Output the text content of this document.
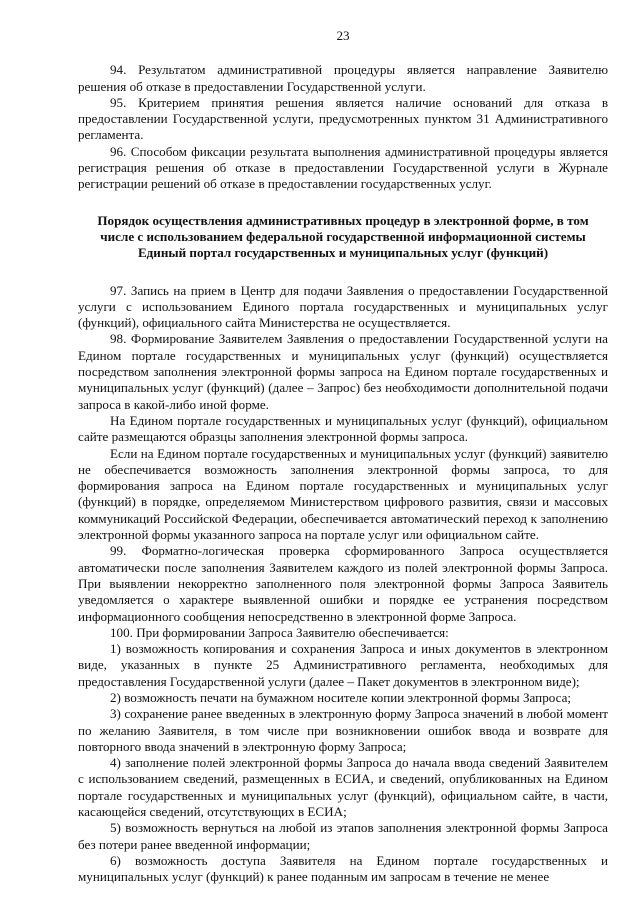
23

94. Результатом административной процедуры является направление Заявителю решения об отказе в предоставлении Государственной услуги.

95. Критерием принятия решения является наличие оснований для отказа в предоставлении Государственной услуги, предусмотренных пунктом 31 Административного регламента.

96. Способом фиксации результата выполнения административной процедуры является регистрация решения об отказе в предоставлении Государственной услуги в Журнале регистрации решений об отказе в предоставлении государственных услуг.

Порядок осуществления административных процедур в электронной форме, в том числе с использованием федеральной государственной информационной системы Единый портал государственных и муниципальных услуг (функций)

97. Запись на прием в Центр для подачи Заявления о предоставлении Государственной услуги с использованием Единого портала государственных и муниципальных услуг (функций), официального сайта Министерства не осуществляется.

98. Формирование Заявителем Заявления о предоставлении Государственной услуги на Едином портале государственных и муниципальных услуг (функций) осуществляется посредством заполнения электронной формы запроса на Едином портале государственных и муниципальных услуг (функций) (далее – Запрос) без необходимости дополнительной подачи запроса в какой-либо иной форме.

На Едином портале государственных и муниципальных услуг (функций), официальном сайте размещаются образцы заполнения электронной формы запроса.

Если на Едином портале государственных и муниципальных услуг (функций) заявителю не обеспечивается возможность заполнения электронной формы запроса, то для формирования запроса на Едином портале государственных и муниципальных услуг (функций) в порядке, определяемом Министерством цифрового развития, связи и массовых коммуникаций Российской Федерации, обеспечивается автоматический переход к заполнению электронной формы указанного запроса на портале услуг или официальном сайте.

99. Форматно-логическая проверка сформированного Запроса осуществляется автоматически после заполнения Заявителем каждого из полей электронной формы Запроса. При выявлении некорректно заполненного поля электронной формы Запроса Заявитель уведомляется о характере выявленной ошибки и порядке ее устранения посредством информационного сообщения непосредственно в электронной форме Запроса.

100. При формировании Запроса Заявителю обеспечивается:

1) возможность копирования и сохранения Запроса и иных документов в электронном виде, указанных в пункте 25 Административного регламента, необходимых для предоставления Государственной услуги (далее – Пакет документов в электронном виде);

2) возможность печати на бумажном носителе копии электронной формы Запроса;

3) сохранение ранее введенных в электронную форму Запроса значений в любой момент по желанию Заявителя, в том числе при возникновении ошибок ввода и возврате для повторного ввода значений в электронную форму Запроса;

4) заполнение полей электронной формы Запроса до начала ввода сведений Заявителем с использованием сведений, размещенных в ЕСИА, и сведений, опубликованных на Едином портале государственных и муниципальных услуг (функций), официальном сайте, в части, касающейся сведений, отсутствующих в ЕСИА;

5) возможность вернуться на любой из этапов заполнения электронной формы Запроса без потери ранее введенной информации;

6) возможность доступа Заявителя на Едином портале государственных и муниципальных услуг (функций) к ранее поданным им запросам в течение не менее
